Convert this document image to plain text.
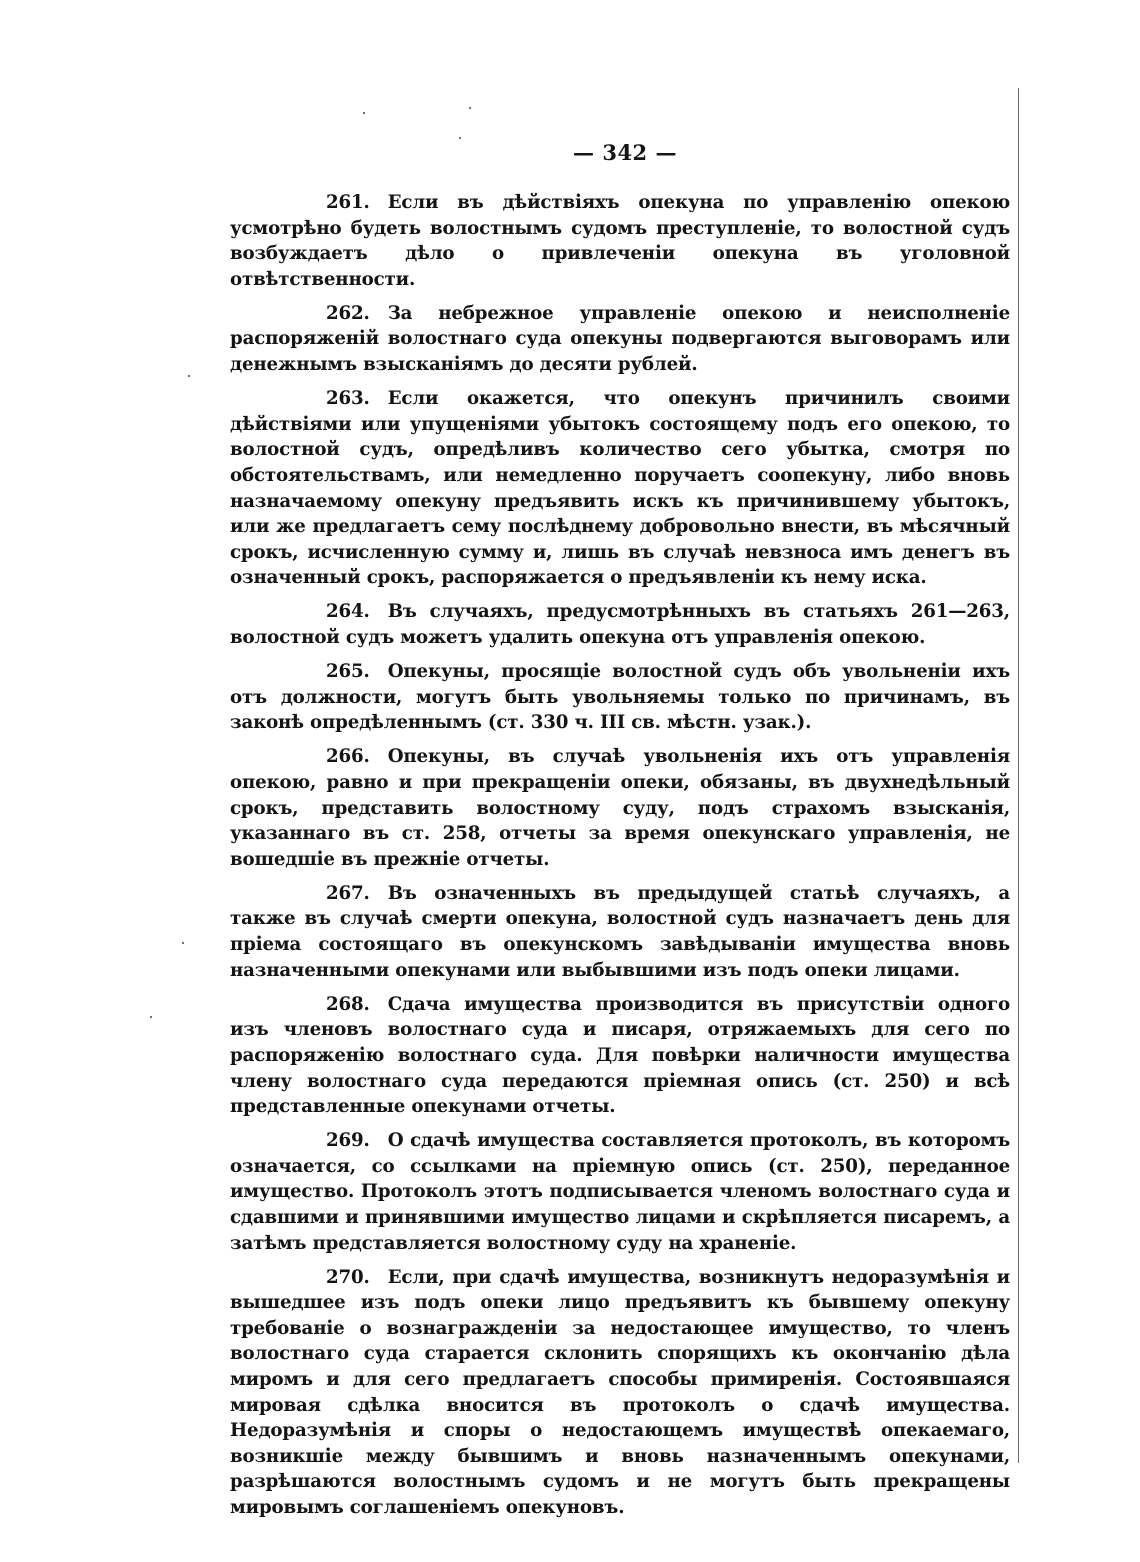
— 342 —

261. Если въ дѣйствіяхъ опекуна по управленію опекою усмотрѣно будеть волостнымъ судомъ преступленіе, то волостной судъ возбуждаетъ дѣло о привлеченіи опекуна въ уголовной отвѣтственности.

262. За небрежное управленіе опекою и неисполненіе распоряженій волостнаго суда опекуны подвергаются выговорамъ или денежнымъ взысканіямъ до десяти рублей.

263. Если окажется, что опекунъ причинилъ своими дѣйствіями или упущеніями убытокъ состоящему подъ его опекою, то волостной судъ, опредѣливъ количество сего убытка, смотря по обстоятельствамъ, или немедленно поручаетъ соопекуну, либо вновь назначаемому опекуну предъявить искъ къ причинившему убытокъ, или же предлагаетъ сему послѣднему добровольно внести, въ мѣсячный срокъ, исчисленную сумму и, лишь въ случаѣ невзноса имъ денегъ въ означенный срокъ, распоряжается о предъявленіи къ нему иска.

264. Въ случаяхъ, предусмотрѣнныхъ въ статьяхъ 261—263, волостной судъ можетъ удалить опекуна отъ управленія опекою.

265. Опекуны, просящіе волостной судъ объ увольненіи ихъ отъ должности, могутъ быть увольняемы только по причинамъ, въ законѣ опредѣленнымъ (ст. 330 ч. III св. мѣстн. узак.).

266. Опекуны, въ случаѣ увольненія ихъ отъ управленія опекою, равно и при прекращеніи опеки, обязаны, въ двухнедѣльный срокъ, представить волостному суду, подъ страхомъ взысканія, указаннаго въ ст. 258, отчеты за время опекунскаго управленія, не вошедшіе въ прежніе отчеты.

267. Въ означенныхъ въ предыдущей статьѣ случаяхъ, а также въ случаѣ смерти опекуна, волостной судъ назначаетъ день для пріема состоящаго въ опекунскомъ завѣдываніи имущества вновь назначенными опекунами или выбывшими изъ подъ опеки лицами.

268. Сдача имущества производится въ присутствіи одного изъ членовъ волостнаго суда и писаря, отряжаемыхъ для сего по распоряженію волостнаго суда. Для повѣрки наличности имущества члену волостнаго суда передаются пріемная опись (ст. 250) и всѣ представленные опекунами отчеты.

269. О сдачѣ имущества составляется протоколъ, въ которомъ означается, со ссылками на пріемную опись (ст. 250), переданное имущество. Протоколъ этотъ подписывается членомъ волостнаго суда и сдавшими и принявшими имущество лицами и скрѣпляется писаремъ, а затѣмъ представляется волостному суду на храненіе.

270. Если, при сдачѣ имущества, возникнутъ недоразумѣнія и вышедшее изъ подъ опеки лицо предъявитъ къ бывшему опекуну требованіе о вознагражденіи за недостающее имущество, то членъ волостнаго суда старается склонить спорящихъ къ окончанію дѣла миромъ и для сего предлагаетъ способы примиренія. Состоявшаяся мировая сдѣлка вносится въ протоколъ о сдачѣ имущества. Недоразумѣнія и споры о недостающемъ имуществѣ опекаемаго, возникшіе между бывшимъ и вновь назначеннымъ опекунами, разрѣшаются волостнымъ судомъ и не могутъ быть прекращены мировымъ соглашеніемъ опекуновъ.
